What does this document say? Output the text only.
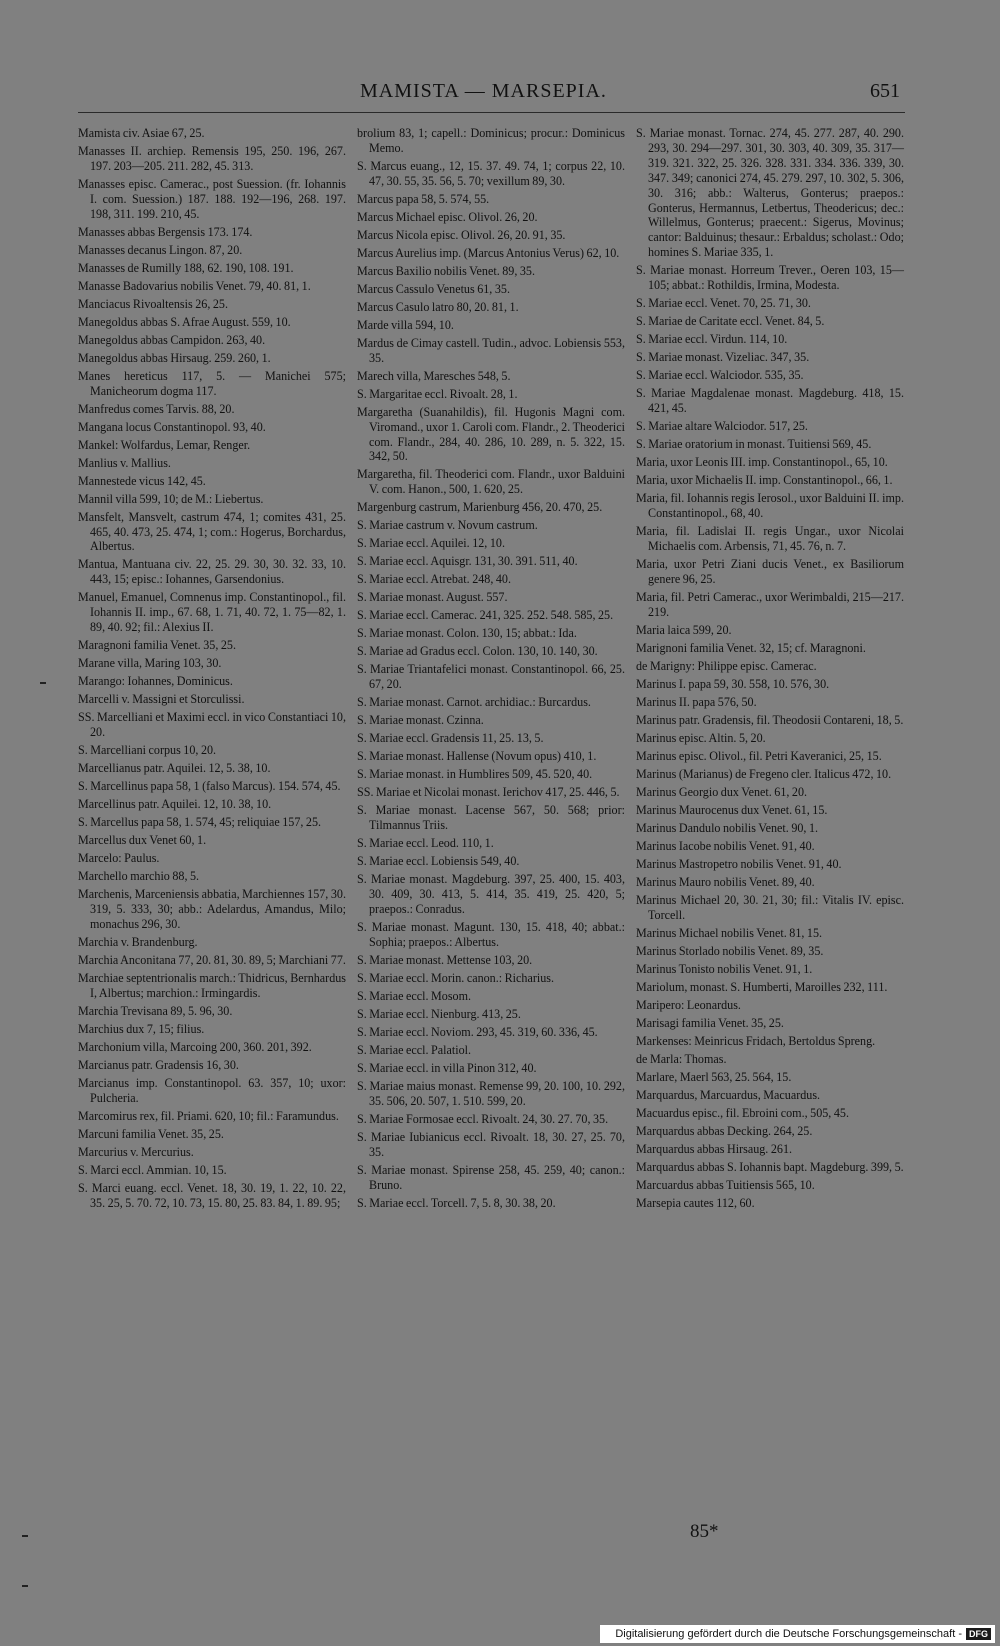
MAMISTA — MARSEPIA.	651
Mamista civ. Asiae 67, 25.
Manasses II. archiep. Remensis 195, 250. 196, 267. 197. 203—205. 211. 282, 45. 313.
Manasses episc. Camerac., post Suession. (fr. Iohannis I. com. Suession.) 187. 188. 192—196, 268. 197. 198, 311. 199. 210, 45.
Manasses abbas Bergensis 173. 174.
Manasses decanus Lingon. 87, 20.
Manasses de Rumilly 188, 62. 190, 108. 191.
Manasse Badovarius nobilis Venet. 79, 40. 81, 1.
Manciacus Rivoaltensis 26, 25.
Manegoldus abbas S. Afrae August. 559, 10.
Manegoldus abbas Campidon. 263, 40.
Manegoldus abbas Hirsaug. 259. 260, 1.
Manes hereticus 117, 5. — Manichei 575; Manicheorum dogma 117.
Manfredus comes Tarvis. 88, 20.
Mangana locus Constantinopol. 93, 40.
Mankel: Wolfardus, Lemar, Renger.
Manlius v. Mallius.
Mannestede vicus 142, 45.
Mannil villa 599, 10; de M.: Liebertus.
Mansfelt, Mansvelt, castrum 474, 1; comites 431, 25. 465, 40. 473, 25. 474, 1; com.: Hogerus, Borchardus, Albertus.
Mantua, Mantuana civ. 22, 25. 29. 30, 30. 32. 33, 10. 443, 15; episc.: Iohannes, Garsendonius.
Manuel, Emanuel, Comnenus imp. Constantinopol., fil. Iohannis II. imp., 67. 68, 1. 71, 40. 72, 1. 75—82, 1. 89, 40. 92; fil.: Alexius II.
Maragnoni familia Venet. 35, 25.
Marane villa, Maring 103, 30.
Marango: Iohannes, Dominicus.
Marcelli v. Massigni et Storculissi.
SS. Marcelliani et Maximi eccl. in vico Constantiaci 10, 20.
S. Marcelliani corpus 10, 20.
Marcellianus patr. Aquilei. 12, 5. 38, 10.
S. Marcellinus papa 58, 1 (falso Marcus). 154. 574, 45.
Marcellinus patr. Aquilei. 12, 10. 38, 10.
S. Marcellus papa 58, 1. 574, 45; reliquiae 157, 25.
Marcellus dux Venet 60, 1.
Marcelo: Paulus.
Marchello marchio 88, 5.
Marchenis, Marceniensis abbatia, Marchiennes 157, 30. 319, 5. 333, 30; abb.: Adelardus, Amandus, Milo; monachus 296, 30.
Marchia v. Brandenburg.
Marchia Anconitana 77, 20. 81, 30. 89, 5; Marchiani 77.
Marchiae septentrionalis march.: Thidricus, Bernhardus I, Albertus; marchion.: Irmingardis.
Marchia Trevisana 89, 5. 96, 30.
Marchius dux 7, 15; filius.
Marchonium villa, Marcoing 200, 360. 201, 392.
Marcianus patr. Gradensis 16, 30.
Marcianus imp. Constantinopol. 63. 357, 10; uxor: Pulcheria.
Marcomirus rex, fil. Priami. 620, 10; fil.: Faramundus.
Marcuni familia Venet. 35, 25.
Marcurius v. Mercurius.
S. Marci eccl. Ammian. 10, 15.
S. Marci euang. eccl. Venet. 18, 30. 19, 1. 22, 10. 22, 35. 25, 5. 70. 72, 10. 73, 15. 80, 25. 83. 84, 1. 89. 95;
brolium 83, 1; capell.: Dominicus; procur.: Dominicus Memo.
S. Marcus euang., 12, 15. 37. 49. 74, 1; corpus 22, 10. 47, 30. 55, 35. 56, 5. 70; vexillum 89, 30.
Marcus papa 58, 5. 574, 55.
Marcus Michael episc. Olivol. 26, 20.
Marcus Nicola episc. Olivol. 26, 20. 91, 35.
Marcus Aurelius imp. (Marcus Antonius Verus) 62, 10.
Marcus Baxilio nobilis Venet. 89, 35.
Marcus Cassulo Venetus 61, 35.
Marcus Casulo latro 80, 20. 81, 1.
Marde villa 594, 10.
Mardus de Cimay castell. Tudin., advoc. Lobiensis 553, 35.
Marech villa, Maresches 548, 5.
S. Margaritae eccl. Rivoalt. 28, 1.
Margaretha (Suanahildis), fil. Hugonis Magni com. Viromand., uxor 1. Caroli com. Flandr., 2. Theoderici com. Flandr., 284, 40. 286, 10. 289, n. 5. 322, 15. 342, 50.
Margaretha, fil. Theoderici com. Flandr., uxor Balduini V. com. Hanon., 500, 1. 620, 25.
Margenburg castrum, Marienburg 456, 20. 470, 25.
S. Mariae castrum v. Novum castrum.
S. Mariae eccl. Aquilei. 12, 10.
S. Mariae eccl. Aquisgr. 131, 30. 391. 511, 40.
S. Mariae eccl. Atrebat. 248, 40.
S. Mariae monast. August. 557.
S. Mariae eccl. Camerac. 241, 325. 252. 548. 585, 25.
S. Mariae monast. Colon. 130, 15; abbat.: Ida.
S. Mariae ad Gradus eccl. Colon. 130, 10. 140, 30.
S. Mariae Triantafelici monast. Constantinopol. 66, 25. 67, 20.
S. Mariae monast. Carnot. archidiac.: Burcardus.
S. Mariae monast. Czinna.
S. Mariae eccl. Gradensis 11, 25. 13, 5.
S. Mariae monast. Hallense (Novum opus) 410, 1.
S. Mariae monast. in Humblires 509, 45. 520, 40.
SS. Mariae et Nicolai monast. Ierichov 417, 25. 446, 5.
S. Mariae monast. Lacense 567, 50. 568; prior: Tilmannus Triis.
S. Mariae eccl. Leod. 110, 1.
S. Mariae eccl. Lobiensis 549, 40.
S. Mariae monast. Magdeburg. 397, 25. 400, 15. 403, 30. 409, 30. 413, 5. 414, 35. 419, 25. 420, 5; praepos.: Conradus.
S. Mariae monast. Magunt. 130, 15. 418, 40; abbat.: Sophia; praepos.: Albertus.
S. Mariae monast. Mettense 103, 20.
S. Mariae eccl. Morin. canon.: Richarius.
S. Mariae eccl. Mosom.
S. Mariae eccl. Nienburg. 413, 25.
S. Mariae eccl. Noviom. 293, 45. 319, 60. 336, 45.
S. Mariae eccl. Palatiol.
S. Mariae eccl. in villa Pinon 312, 40.
S. Mariae maius monast. Remense 99, 20. 100, 10. 292, 35. 506, 20. 507, 1. 510. 599, 20.
S. Mariae Formosae eccl. Rivoalt. 24, 30. 27. 70, 35.
S. Mariae Iubianicus eccl. Rivoalt. 18, 30. 27, 25. 70, 35.
S. Mariae monast. Spirense 258, 45. 259, 40; canon.: Bruno.
S. Mariae eccl. Torcell. 7, 5. 8, 30. 38, 20.
S. Mariae monast. Tornac. 274, 45. 277. 287, 40. 290. 293, 30. 294—297. 301, 30. 303, 40. 309, 35. 317—319. 321. 322, 25. 326. 328. 331. 334. 336. 339, 30. 347. 349; canonici 274, 45. 279. 297, 10. 302, 5. 306, 30. 316; abb.: Walterus, Gonterus; praepos.: Gonterus, Hermannus, Letbertus, Theodericus; dec.: Willelmus, Gonterus; praecent.: Sigerus, Movinus; cantor: Balduinus; thesaur.: Erbaldus; scholast.: Odo; homines S. Mariae 335, 1.
S. Mariae monast. Horreum Trever., Oeren 103, 15—105; abbat.: Rothildis, Irmina, Modesta.
S. Mariae eccl. Venet. 70, 25. 71, 30.
S. Mariae de Caritate eccl. Venet. 84, 5.
S. Mariae eccl. Virdun. 114, 10.
S. Mariae monast. Vizeliac. 347, 35.
S. Mariae eccl. Walciodor. 535, 35.
S. Mariae Magdalenae monast. Magdeburg. 418, 15. 421, 45.
S. Mariae altare Walciodor. 517, 25.
S. Mariae oratorium in monast. Tuitiensi 569, 45.
Maria, uxor Leonis III. imp. Constantinopol., 65, 10.
Maria, uxor Michaelis II. imp. Constantinopol., 66, 1.
Maria, fil. Iohannis regis Ierosol., uxor Balduini II. imp. Constantinopol., 68, 40.
Maria, fil. Ladislai II. regis Ungar., uxor Nicolai Michaelis com. Arbensis, 71, 45. 76, n. 7.
Maria, uxor Petri Ziani ducis Venet., ex Basiliorum genere 96, 25.
Maria, fil. Petri Camerac., uxor Werimbaldi, 215—217. 219.
Maria laica 599, 20.
Marignoni familia Venet. 32, 15; cf. Maragnoni.
de Marigny: Philippe episc. Camerac.
Marinus I. papa 59, 30. 558, 10. 576, 30.
Marinus II. papa 576, 50.
Marinus patr. Gradensis, fil. Theodosii Contareni, 18, 5.
Marinus episc. Altin. 5, 20.
Marinus episc. Olivol., fil. Petri Kaveranici, 25, 15.
Marinus (Marianus) de Fregeno cler. Italicus 472, 10.
Marinus Georgio dux Venet. 61, 20.
Marinus Maurocenus dux Venet. 61, 15.
Marinus Dandulo nobilis Venet. 90, 1.
Marinus Iacobe nobilis Venet. 91, 40.
Marinus Mastropetro nobilis Venet. 91, 40.
Marinus Mauro nobilis Venet. 89, 40.
Marinus Michael 20, 30. 21, 30; fil.: Vitalis IV. episc. Torcell.
Marinus Michael nobilis Venet. 81, 15.
Marinus Storlado nobilis Venet. 89, 35.
Marinus Tonisto nobilis Venet. 91, 1.
Mariolum, monast. S. Humberti, Maroilles 232, 111.
Maripero: Leonardus.
Marisagi familia Venet. 35, 25.
Markenses: Meinricus Fridach, Bertoldus Spreng.
de Marla: Thomas.
Marlare, Maerl 563, 25. 564, 15.
Marquardus, Marcuardus, Macuardus.
Macuardus episc., fil. Ebroini com., 505, 45.
Marquardus abbas Decking. 264, 25.
Marquardus abbas Hirsaug. 261.
Marquardus abbas S. Iohannis bapt. Magdeburg. 399, 5.
Marcuardus abbas Tuitiensis 565, 10.
Marsepia cautes 112, 60.
85*
Digitalisierung gefördert durch die Deutsche Forschungsgemeinschaft - DFG
